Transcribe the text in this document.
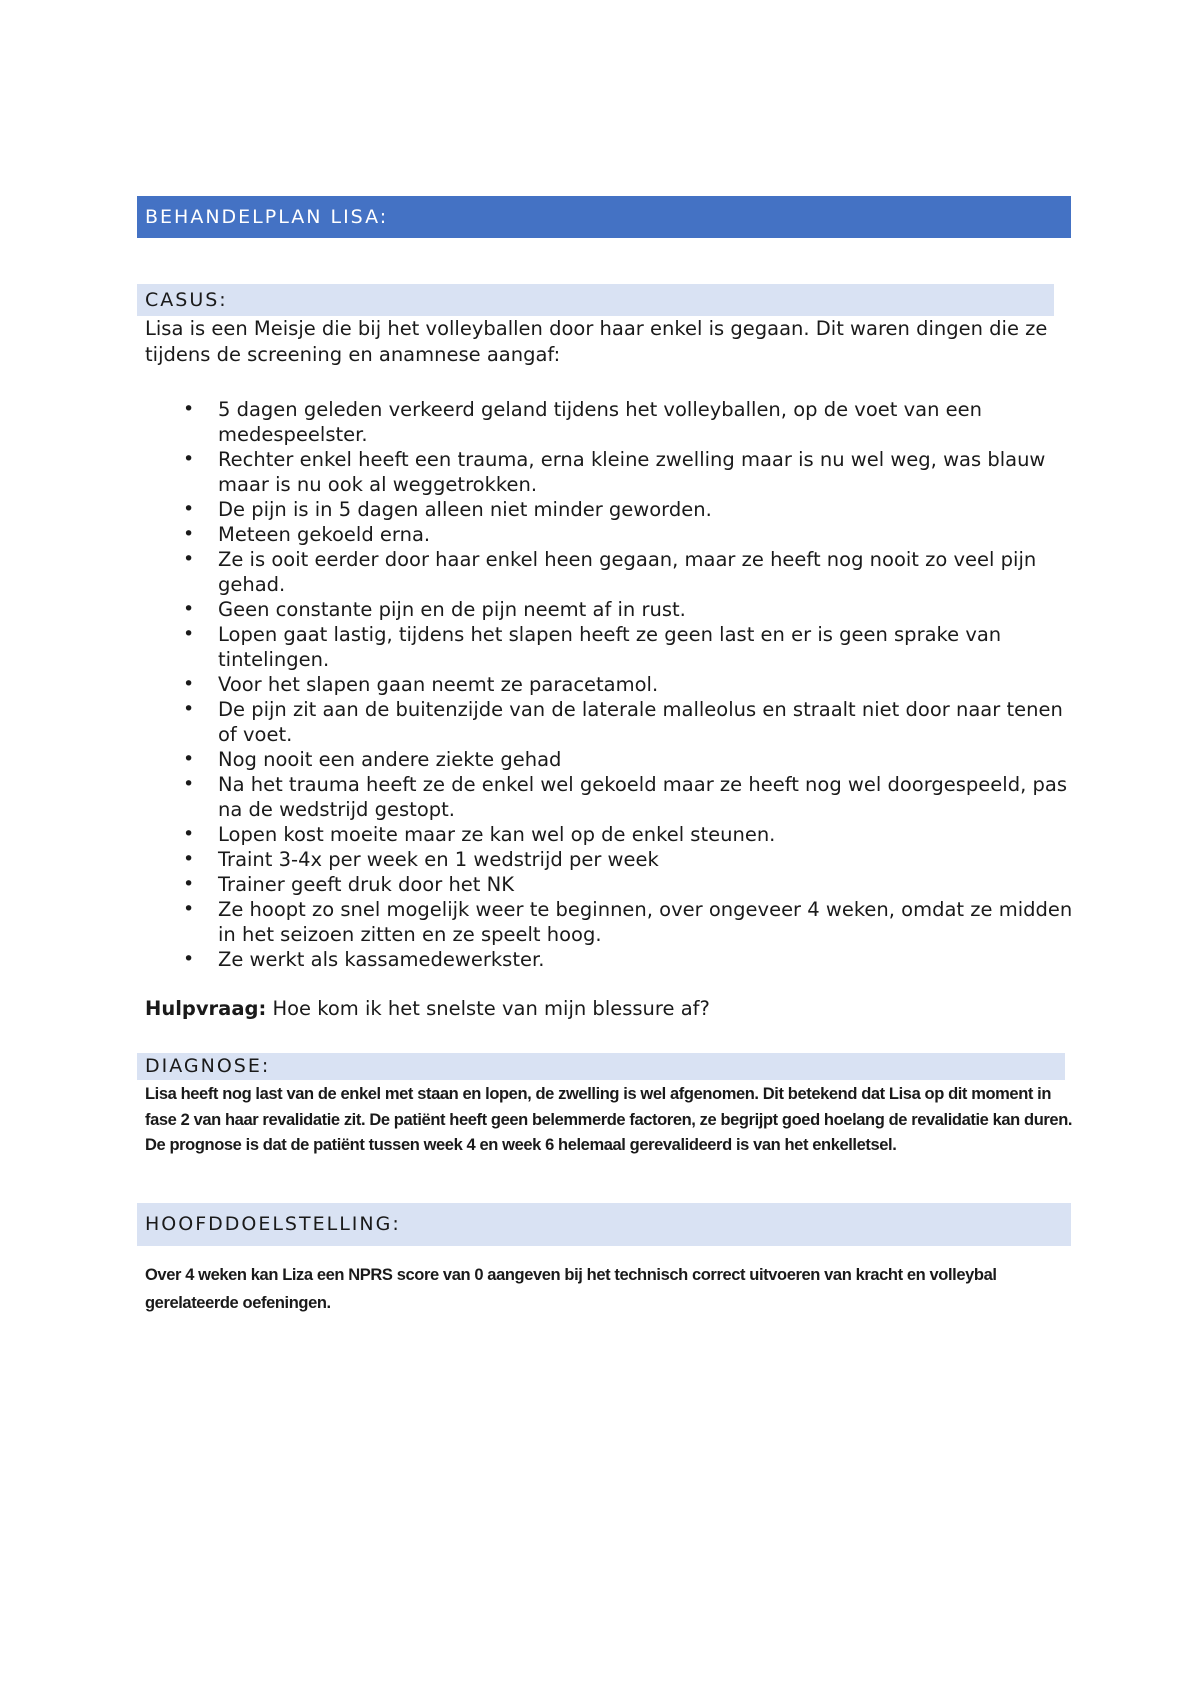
BEHANDELPLAN LISA:
CASUS:

Lisa is een Meisje die bij het volleyballen door haar enkel is gegaan. Dit waren dingen die ze tijdens de screening en anamnese aangaf:

• 5 dagen geleden verkeerd geland tijdens het volleyballen, op de voet van een medespeelster.
• Rechter enkel heeft een trauma, erna kleine zwelling maar is nu wel weg, was blauw maar is nu ook al weggetrokken.
• De pijn is in 5 dagen alleen niet minder geworden.
• Meteen gekoeld erna.
• Ze is ooit eerder door haar enkel heen gegaan, maar ze heeft nog nooit zo veel pijn gehad.
• Geen constante pijn en de pijn neemt af in rust.
• Lopen gaat lastig, tijdens het slapen heeft ze geen last en er is geen sprake van tintelingen.
• Voor het slapen gaan neemt ze paracetamol.
• De pijn zit aan de buitenzijde van de laterale malleolus en straalt niet door naar tenen of voet.
• Nog nooit een andere ziekte gehad
• Na het trauma heeft ze de enkel wel gekoeld maar ze heeft nog wel doorgespeeld, pas na de wedstrijd gestopt.
• Lopen kost moeite maar ze kan wel op de enkel steunen.
• Traint 3-4x per week en 1 wedstrijd per week
• Trainer geeft druk door het NK
• Ze hoopt zo snel mogelijk weer te beginnen, over ongeveer 4 weken, omdat ze midden in het seizoen zitten en ze speelt hoog.
• Ze werkt als kassamedewerkster.

Hulpvraag: Hoe kom ik het snelste van mijn blessure af?

DIAGNOSE:

Lisa heeft nog last van de enkel met staan en lopen, de zwelling is wel afgenomen. Dit betekend dat Lisa op dit moment in fase 2 van haar revalidatie zit. De patiënt heeft geen belemmerde factoren, ze begrijpt goed hoelang de revalidatie kan duren. De prognose is dat de patiënt tussen week 4 en week 6 helemaal gerevalideerd is van het enkelletsel.

HOOFDDOELSTELLING:

Over 4 weken kan Liza een NPRS score van 0 aangeven bij het technisch correct uitvoeren van kracht en volleybal gerelateerde oefeningen.
